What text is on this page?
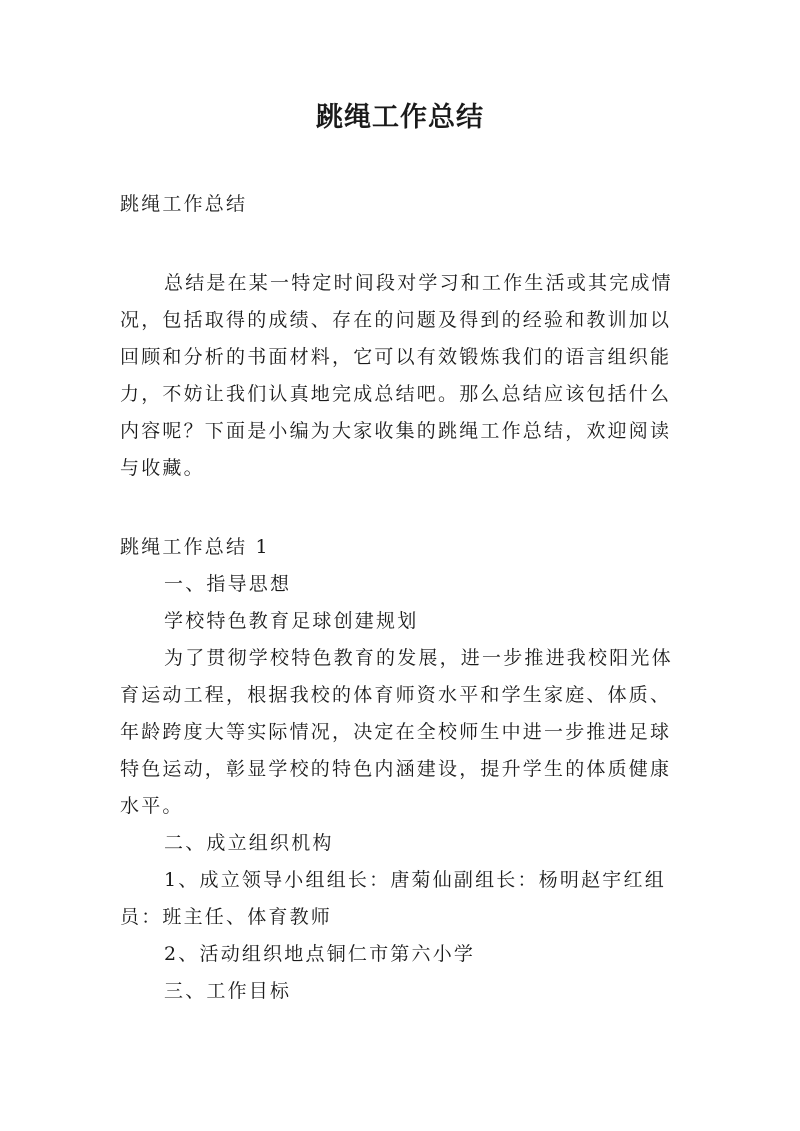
跳绳工作总结

跳绳工作总结

总结是在某一特定时间段对学习和工作生活或其完成情况，包括取得的成绩、存在的问题及得到的经验和教训加以回顾和分析的书面材料，它可以有效锻炼我们的语言组织能力，不妨让我们认真地完成总结吧。那么总结应该包括什么内容呢？下面是小编为大家收集的跳绳工作总结，欢迎阅读与收藏。

跳绳工作总结 1

一、指导思想

学校特色教育足球创建规划

为了贯彻学校特色教育的发展，进一步推进我校阳光体育运动工程，根据我校的体育师资水平和学生家庭、体质、年龄跨度大等实际情况，决定在全校师生中进一步推进足球特色运动，彰显学校的特色内涵建设，提升学生的体质健康水平。

二、成立组织机构

1、成立领导小组组长：唐菊仙副组长：杨明赵宇红组员：班主任、体育教师

2、活动组织地点铜仁市第六小学

三、工作目标
